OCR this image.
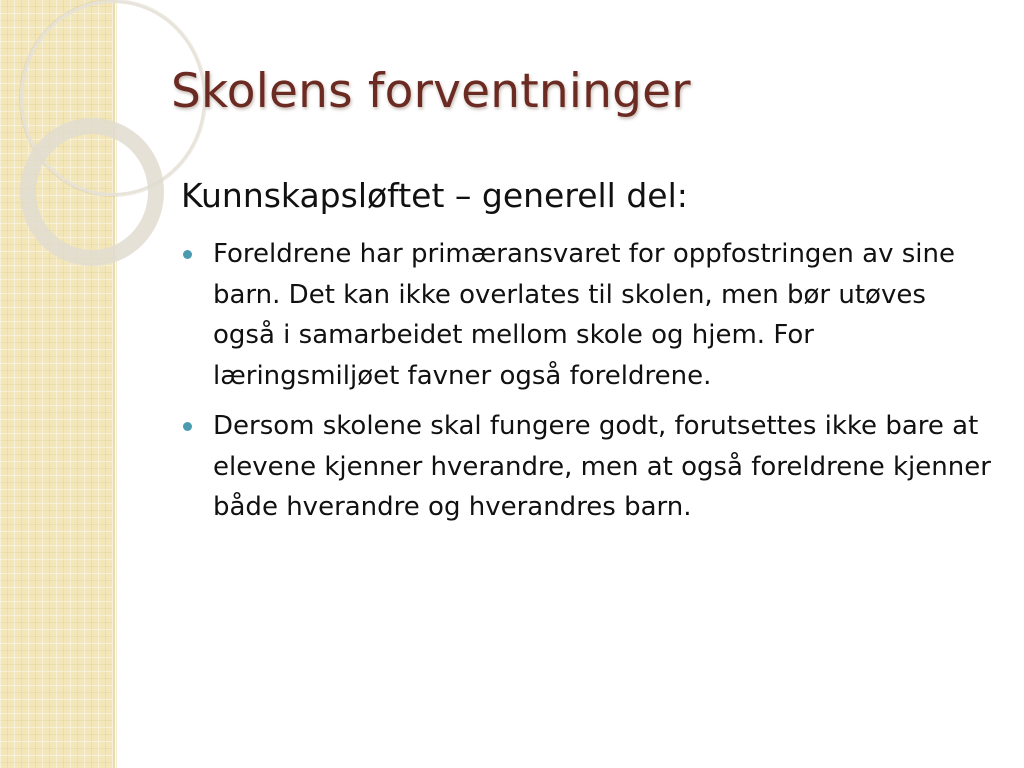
Skolens forventninger
Kunnskapsløftet – generell del:
Foreldrene har primæransvaret for oppfostringen av sine barn. Det kan ikke overlates til skolen, men bør utøves også i samarbeidet mellom skole og hjem. For læringsmiljøet favner også foreldrene.
Dersom skolene skal fungere godt, forutsettes ikke bare at elevene kjenner hverandre, men at også foreldrene kjenner både hverandre og hverandres barn.
